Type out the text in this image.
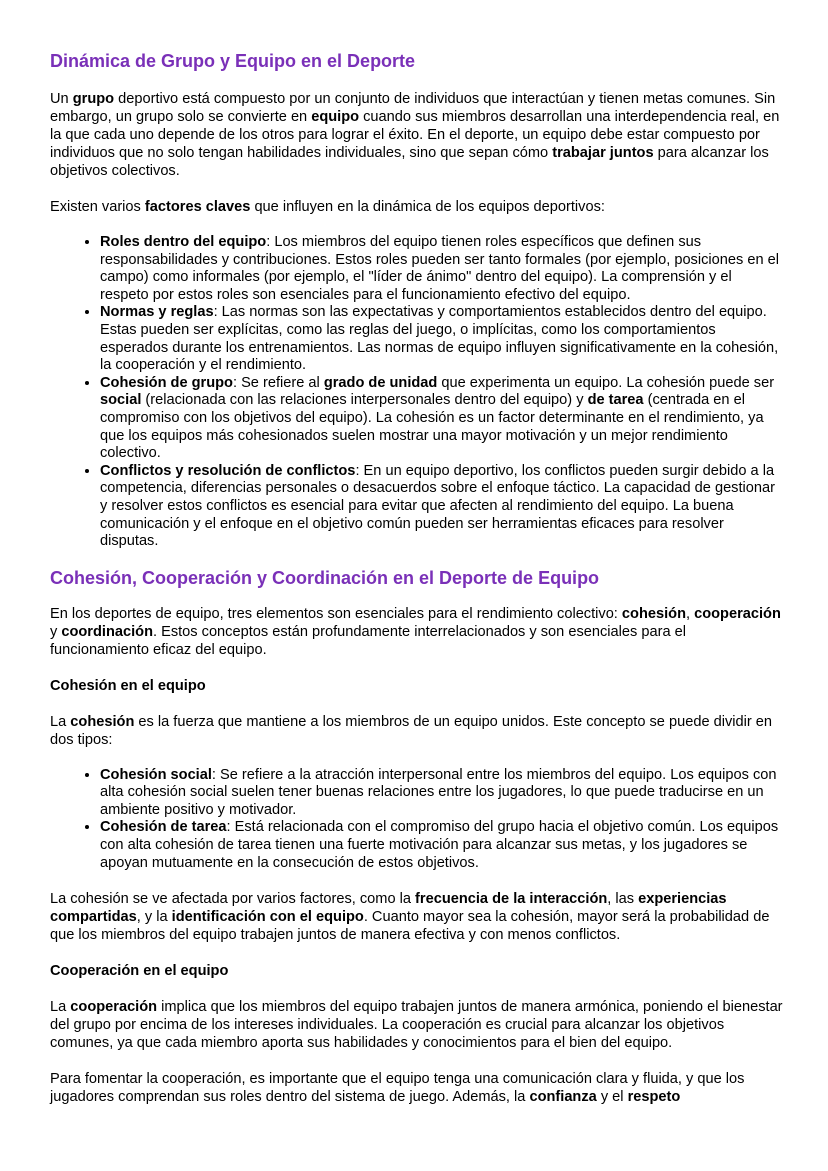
Dinámica de Grupo y Equipo en el Deporte

Un grupo deportivo está compuesto por un conjunto de individuos que interactúan y tienen metas comunes. Sin embargo, un grupo solo se convierte en equipo cuando sus miembros desarrollan una interdependencia real, en la que cada uno depende de los otros para lograr el éxito. En el deporte, un equipo debe estar compuesto por individuos que no solo tengan habilidades individuales, sino que sepan cómo trabajar juntos para alcanzar los objetivos colectivos.

Existen varios factores claves que influyen en la dinámica de los equipos deportivos:

• Roles dentro del equipo: Los miembros del equipo tienen roles específicos que definen sus responsabilidades y contribuciones. Estos roles pueden ser tanto formales (por ejemplo, posiciones en el campo) como informales (por ejemplo, el "líder de ánimo" dentro del equipo). La comprensión y el respeto por estos roles son esenciales para el funcionamiento efectivo del equipo.
• Normas y reglas: Las normas son las expectativas y comportamientos establecidos dentro del equipo. Estas pueden ser explícitas, como las reglas del juego, o implícitas, como los comportamientos esperados durante los entrenamientos. Las normas de equipo influyen significativamente en la cohesión, la cooperación y el rendimiento.
• Cohesión de grupo: Se refiere al grado de unidad que experimenta un equipo. La cohesión puede ser social (relacionada con las relaciones interpersonales dentro del equipo) y de tarea (centrada en el compromiso con los objetivos del equipo). La cohesión es un factor determinante en el rendimiento, ya que los equipos más cohesionados suelen mostrar una mayor motivación y un mejor rendimiento colectivo.
• Conflictos y resolución de conflictos: En un equipo deportivo, los conflictos pueden surgir debido a la competencia, diferencias personales o desacuerdos sobre el enfoque táctico. La capacidad de gestionar y resolver estos conflictos es esencial para evitar que afecten al rendimiento del equipo. La buena comunicación y el enfoque en el objetivo común pueden ser herramientas eficaces para resolver disputas.
Cohesión, Cooperación y Coordinación en el Deporte de Equipo

En los deportes de equipo, tres elementos son esenciales para el rendimiento colectivo: cohesión, cooperación y coordinación. Estos conceptos están profundamente interrelacionados y son esenciales para el funcionamiento eficaz del equipo.

Cohesión en el equipo

La cohesión es la fuerza que mantiene a los miembros de un equipo unidos. Este concepto se puede dividir en dos tipos:

• Cohesión social: Se refiere a la atracción interpersonal entre los miembros del equipo. Los equipos con alta cohesión social suelen tener buenas relaciones entre los jugadores, lo que puede traducirse en un ambiente positivo y motivador.
• Cohesión de tarea: Está relacionada con el compromiso del grupo hacia el objetivo común. Los equipos con alta cohesión de tarea tienen una fuerte motivación para alcanzar sus metas, y los jugadores se apoyan mutuamente en la consecución de estos objetivos.

La cohesión se ve afectada por varios factores, como la frecuencia de la interacción, las experiencias compartidas, y la identificación con el equipo. Cuanto mayor sea la cohesión, mayor será la probabilidad de que los miembros del equipo trabajen juntos de manera efectiva y con menos conflictos.

Cooperación en el equipo

La cooperación implica que los miembros del equipo trabajen juntos de manera armónica, poniendo el bienestar del grupo por encima de los intereses individuales. La cooperación es crucial para alcanzar los objetivos comunes, ya que cada miembro aporta sus habilidades y conocimientos para el bien del equipo.

Para fomentar la cooperación, es importante que el equipo tenga una comunicación clara y fluida, y que los jugadores comprendan sus roles dentro del sistema de juego. Además, la confianza y el respeto
